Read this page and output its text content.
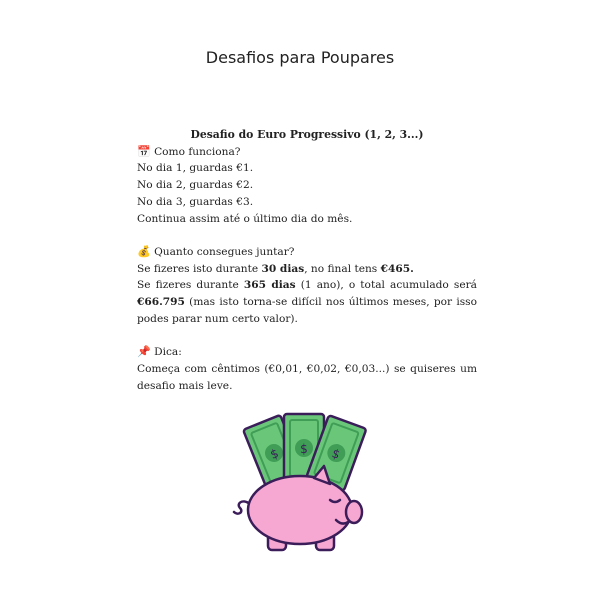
Desafios para Poupares
Desafio do Euro Progressivo (1, 2, 3...)
📅 Como funciona?
No dia 1, guardas €1.
No dia 2, guardas €2.
No dia 3, guardas €3.
Continua assim até o último dia do mês.
💰 Quanto consegues juntar?
Se fizeres isto durante 30 dias, no final tens €465.
Se fizeres durante 365 dias (1 ano), o total acumulado será €66.795 (mas isto torna-se difícil nos últimos meses, por isso podes parar num certo valor).
📌 Dica:
Começa com cêntimos (€0,01, €0,02, €0,03...) se quiseres um desafio mais leve.
$ $ $
